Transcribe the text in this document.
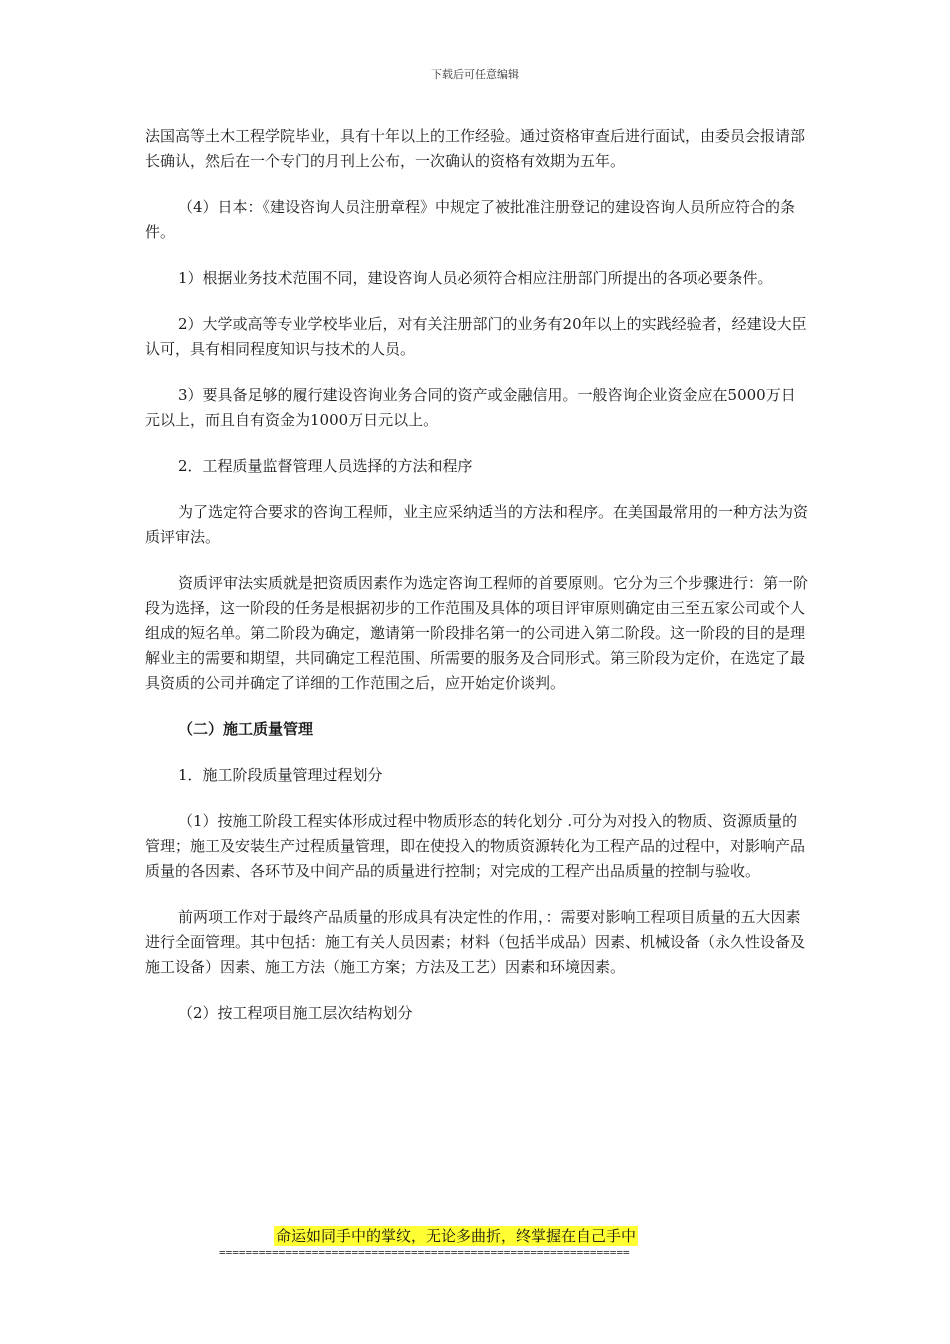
下载后可任意编辑

法国高等土木工程学院毕业，具有十年以上的工作经验。通过资格审查后进行面试，由委员会报请部长确认，然后在一个专门的月刊上公布，一次确认的资格有效期为五年。

（4）日本：《建设咨询人员注册章程》中规定了被批准注册登记的建设咨询人员所应符合的条件。

1）根据业务技术范围不同，建设咨询人员必须符合相应注册部门所提出的各项必要条件。

2）大学或高等专业学校毕业后，对有关注册部门的业务有20年以上的实践经验者，经建设大臣认可，具有相同程度知识与技术的人员。

3）要具备足够的履行建设咨询业务合同的资产或金融信用。一般咨询企业资金应在5000万日元以上，而且自有资金为1000万日元以上。

2．工程质量监督管理人员选择的方法和程序

为了选定符合要求的咨询工程师，业主应采纳适当的方法和程序。在美国最常用的一种方法为资质评审法。

资质评审法实质就是把资质因素作为选定咨询工程师的首要原则。它分为三个步骤进行：第一阶段为选择，这一阶段的任务是根据初步的工作范围及具体的项目评审原则确定由三至五家公司或个人组成的短名单。第二阶段为确定，邀请第一阶段排名第一的公司进入第二阶段。这一阶段的目的是理解业主的需要和期望，共同确定工程范围、所需要的服务及合同形式。第三阶段为定价，在选定了最具资质的公司并确定了详细的工作范围之后，应开始定价谈判。

（二）施工质量管理

1．施工阶段质量管理过程划分

（1）按施工阶段工程实体形成过程中物质形态的转化划分 .可分为对投入的物质、资源质量的管理；施工及安装生产过程质量管理，即在使投入的物质资源转化为工程产品的过程中，对影响产品质量的各因素、各环节及中间产品的质量进行控制；对完成的工程产出品质量的控制与验收。

前两项工作对于最终产品质量的形成具有决定性的作用，：需要对影响工程项目质量的五大因素进行全面管理。其中包括：施工有关人员因素；材料（包括半成品）因素、机械设备（永久性设备及施工设备）因素、施工方法（施工方案；方法及工艺）因素和环境因素。

（2）按工程项目施工层次结构划分

命运如同手中的掌纹，无论多曲折，终掌握在自己手中
==============================================================
